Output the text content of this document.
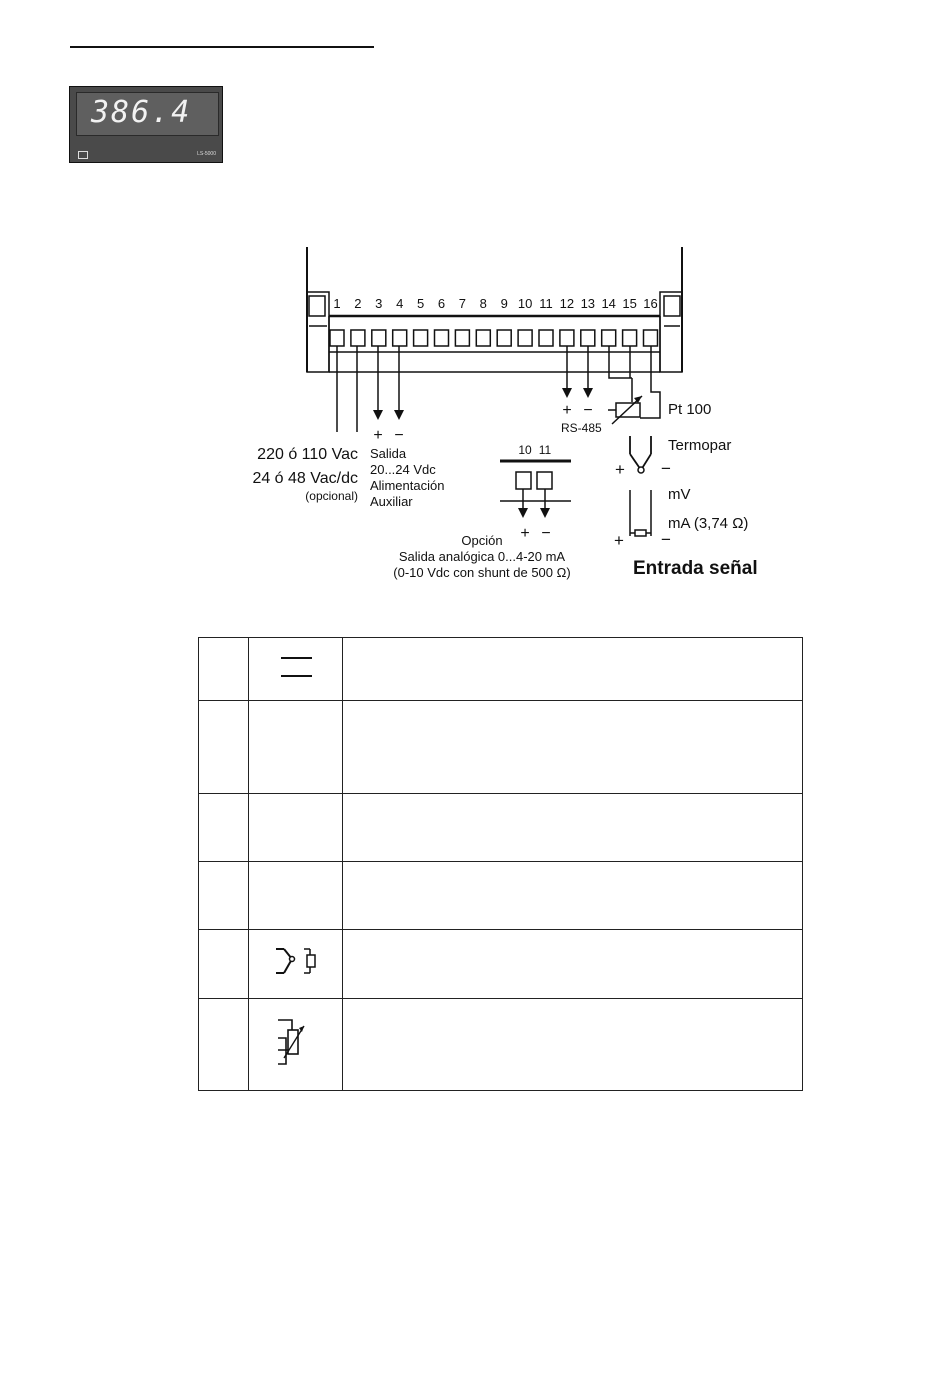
386.4
LS-5000
1 2 3 4 5 6 7 8 9 10 11 12 13 14 15 16
220 ó 110 Vac
24 ó 48 Vac/dc
(opcional)
+ −
Salida
20...24 Vdc
Alimentación
Auxiliar
+ −
RS-485
10 11
+ −
Opción
Salida analógica 0...4-20 mA
(0-10 Vdc con shunt de 500 Ω)
Pt 100
Termopar
+ −
mV
mA (3,74 Ω)
+ −
Entrada señal
